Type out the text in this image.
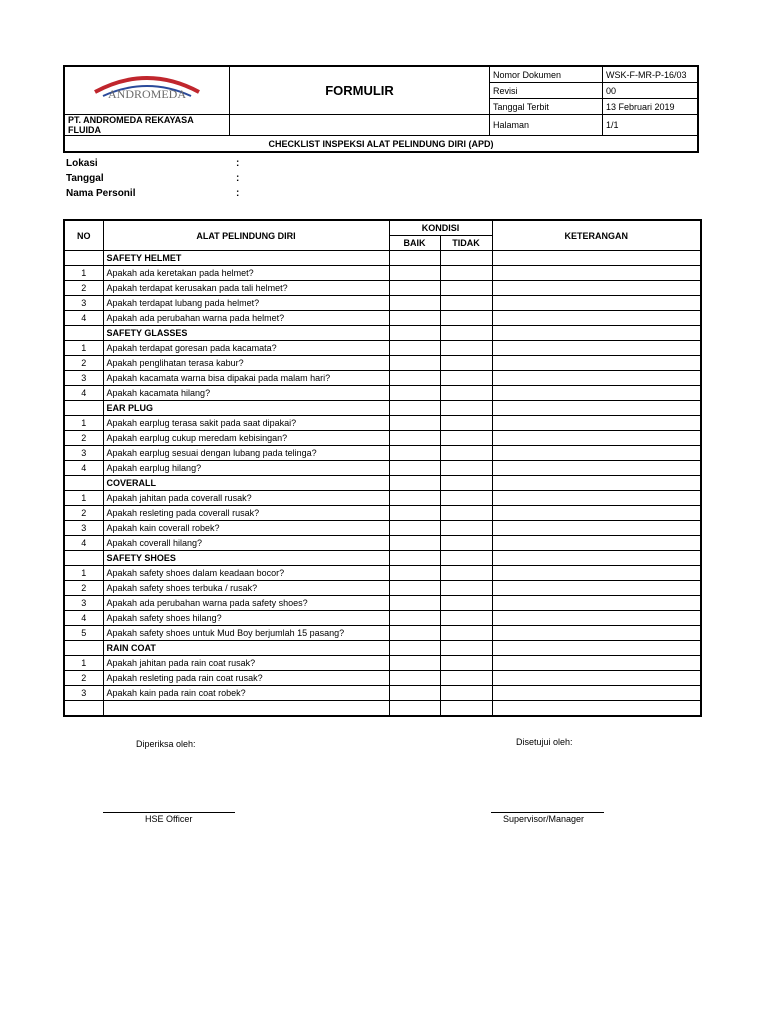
ANDROMEDA	FORMULIR	Nomor Dokumen	WSK-F-MR-P-16/03
		Revisi	00
		Tanggal Terbit	13 Februari 2019
PT. ANDROMEDA REKAYASA FLUIDA		Halaman	1/1
CHECKLIST INSPEKSI ALAT PELINDUNG DIRI (APD)			
Lokasi	:
Tanggal	:
Nama Personil	:
NO	ALAT PELINDUNG DIRI	KONDISI		KETERANGAN
		BAIK	TIDAK	
	SAFETY HELMET			
1	Apakah ada keretakan pada helmet?			
2	Apakah terdapat kerusakan pada tali helmet?			
3	Apakah terdapat lubang pada helmet?			
4	Apakah ada perubahan warna pada helmet?			
	SAFETY GLASSES			
1	Apakah terdapat goresan pada kacamata?			
2	Apakah penglihatan terasa kabur?			
3	Apakah kacamata warna bisa dipakai pada malam hari?			
4	Apakah kacamata hilang?			
	EAR PLUG			
1	Apakah earplug terasa sakit pada saat dipakai?			
2	Apakah earplug cukup meredam kebisingan?			
3	Apakah earplug sesuai dengan lubang pada telinga?			
4	Apakah earplug hilang?			
	COVERALL			
1	Apakah jahitan pada coverall rusak?			
2	Apakah resleting pada coverall rusak?			
3	Apakah kain coverall robek?			
4	Apakah coverall hilang?			
	SAFETY SHOES			
1	Apakah safety shoes dalam keadaan bocor?			
2	Apakah safety shoes terbuka / rusak?			
3	Apakah ada perubahan warna pada safety shoes?			
4	Apakah safety shoes hilang?			
5	Apakah safety shoes untuk Mud Boy berjumlah 15 pasang?			
	RAIN COAT			
1	Apakah jahitan pada rain coat rusak?			
2	Apakah resleting pada rain coat rusak?			
3	Apakah kain pada rain coat robek?			

Diperiksa oleh:	Disetujui oleh:
HSE Officer	Supervisor/Manager
